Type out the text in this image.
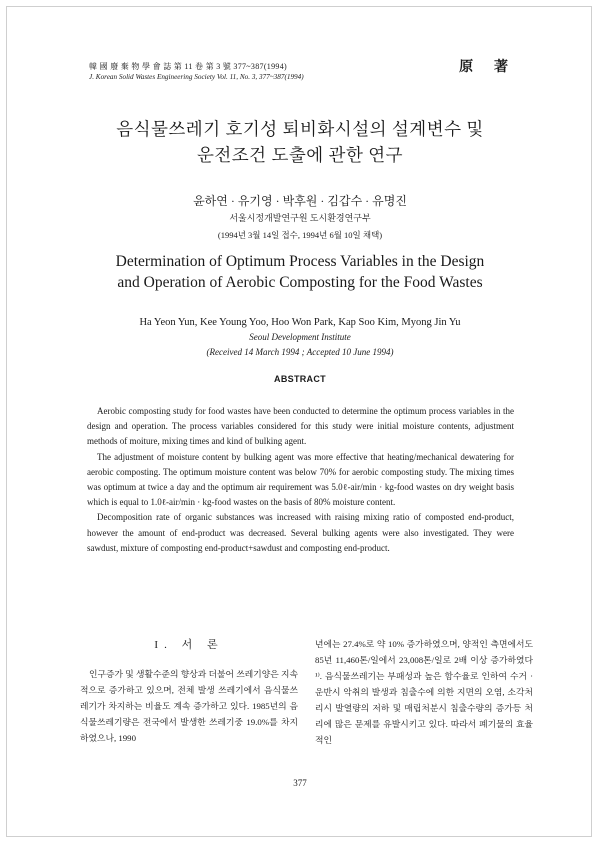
韓 國 廢 棄 物 學 會 誌 第 11 卷 第 3 號 377~387(1994)
J. Korean Solid Wastes Engineering Society Vol. 11, No. 3, 377~387(1994)
原 著
음식물쓰레기 호기성 퇴비화시설의 설계변수 및
운전조건 도출에 관한 연구
윤하연 · 유기영 · 박후원 · 김갑수 · 유명진
서울시정개발연구원 도시환경연구부
(1994년 3월 14일 접수, 1994년 6월 10일 채택)
Determination of Optimum Process Variables in the Design
and Operation of Aerobic Composting for the Food Wastes
Ha Yeon Yun, Kee Young Yoo, Hoo Won Park, Kap Soo Kim, Myong Jin Yu
Seoul Development Institute
(Received 14 March 1994 ; Accepted 10 June 1994)
ABSTRACT

Aerobic composting study for food wastes have been conducted to determine the optimum process variables in the design and operation. The process variables considered for this study were initial moisture contents, adjustment methods of moiture, mixing times and kind of bulking agent.

The adjustment of moisture content by bulking agent was more effective that heating/mechanical dewatering for aerobic composting. The optimum moisture content was below 70% for aerobic composting study. The mixing times was optimum at twice a day and the optimum air requirement was 5.0ℓ-air/min · kg-food wastes on dry weight basis which is equal to 1.0ℓ-air/min · kg-food wastes on the basis of 80% moisture content.

Decomposition rate of organic substances was increased with raising mixing ratio of composted end-product, however the amount of end-product was decreased. Several bulking agents were also investigated. They were sawdust, mixture of composting end-product+sawdust and composting end-product.

I. 서 론

인구증가 및 생활수준의 향상과 더불어 쓰레기양은 지속적으로 증가하고 있으며, 전체 발생 쓰레기에서 음식물쓰레기가 차지하는 비율도 계속 증가하고 있다. 1985년의 음식물쓰레기량은 전국에서 발생한 쓰레기중 19.0%를 차지하였으나, 1990

년에는 27.4%로 약 10% 증가하였으며, 양적인 측면에서도 85년 11,460톤/일에서 23,008톤/일로 2배 이상 증가하였다¹⁾. 음식물쓰레기는 부패성과 높은 함수율로 인하여 수거 · 운반시 악취의 발생과 침출수에 의한 지면의 오염, 소각처리시 발열량의 저하 및 매립처분시 침출수량의 증가등 처리에 많은 문제를 유발시키고 있다. 따라서 폐기물의 효율적인

377
